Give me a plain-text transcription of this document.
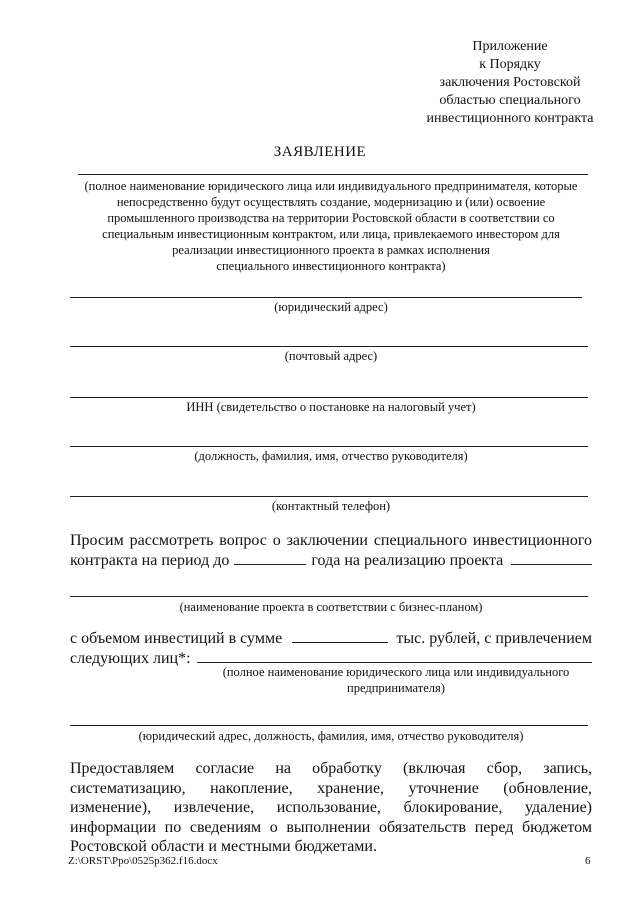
Приложение
к Порядку
заключения Ростовской
областью специального
инвестиционного контракта
ЗАЯВЛЕНИЕ
(полное наименование юридического лица или индивидуального предпринимателя, которые
непосредственно будут осуществлять создание, модернизацию и (или) освоение
промышленного производства на территории Ростовской области в соответствии со
специальным инвестиционным контрактом, или лица, привлекаемого инвестором для
реализации инвестиционного проекта в рамках исполнения
специального инвестиционного контракта)
(юридический адрес)
(почтовый адрес)
ИНН (свидетельство о постановке на налоговый учет)
(должность, фамилия, имя, отчество руководителя)
(контактный телефон)
Просим рассмотреть вопрос о заключении специального инвестиционного
контракта на период до	года на реализацию проекта
(наименование проекта в соответствии с бизнес-планом)
с объемом инвестиций в сумме	тыс. рублей, с привлечением
следующих лиц*:
(полное наименование юридического лица или индивидуального
предпринимателя)
(юридический адрес, должность, фамилия, имя, отчество руководителя)
Предоставляем согласие на обработку (включая сбор, запись, систематизацию, накопление, хранение, уточнение (обновление, изменение), извлечение, использование, блокирование, удаление) информации по сведениям о выполнении обязательств перед бюджетом Ростовской области и местными бюджетами.
Z:\ORST\Ppo\0525p362.f16.docx	6
